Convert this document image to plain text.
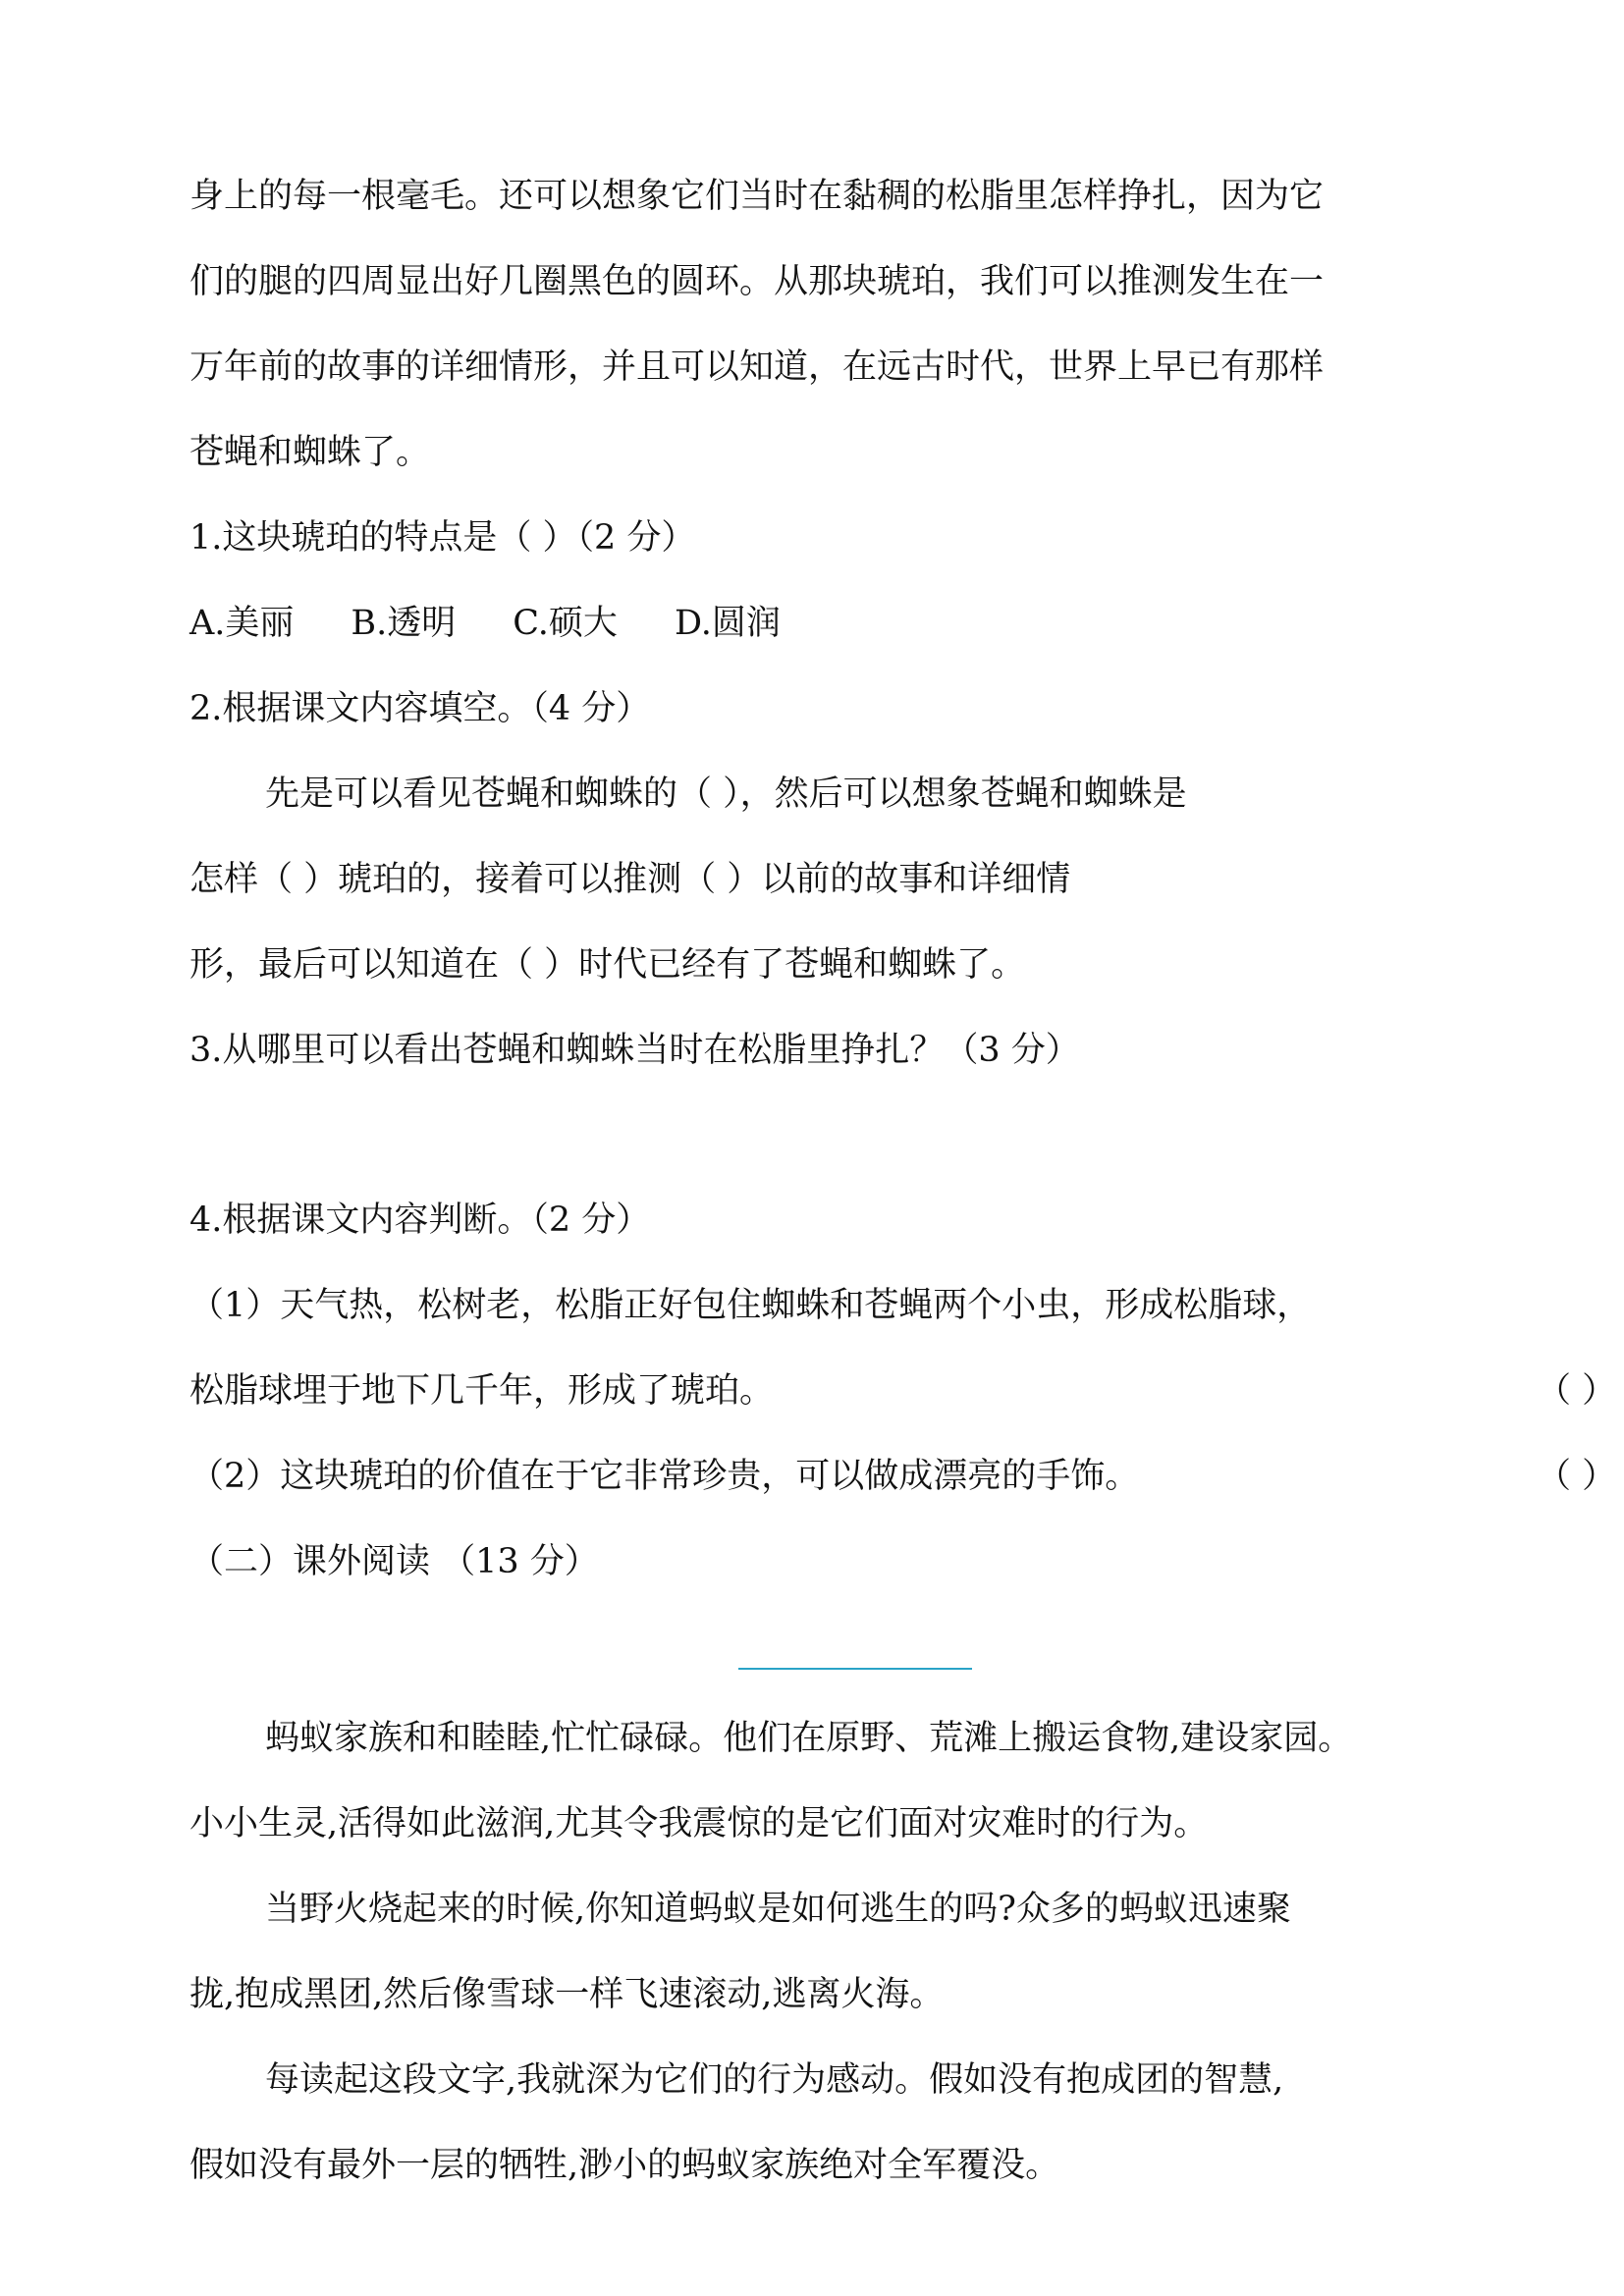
身上的每一根毫毛。还可以想象它们当时在黏稠的松脂里怎样挣扎，因为它
们的腿的四周显出好几圈黑色的圆环。从那块琥珀，我们可以推测发生在一
万年前的故事的详细情形，并且可以知道，在远古时代，世界上早已有那样
苍蝇和蜘蛛了。
1.这块琥珀的特点是（ ）（2 分）
A.美丽 B.透明 C.硕大 D.圆润
2.根据课文内容填空。（4 分）
先是可以看见苍蝇和蜘蛛的（ ），然后可以想象苍蝇和蜘蛛是
怎样（ ）琥珀的，接着可以推测（ ）以前的故事和详细情
形，最后可以知道在（ ）时代已经有了苍蝇和蜘蛛了。
3.从哪里可以看出苍蝇和蜘蛛当时在松脂里挣扎？（3 分）
4.根据课文内容判断。（2 分）
（1）天气热，松树老，松脂正好包住蜘蛛和苍蝇两个小虫，形成松脂球，
松脂球埋于地下几千年，形成了琥珀。	（ ）
（2）这块琥珀的价值在于它非常珍贵，可以做成漂亮的手饰。	（ ）
（二）课外阅读 （13 分）
蚂蚁家族和和睦睦,忙忙碌碌。他们在原野、荒滩上搬运食物,建设家园。
小小生灵,活得如此滋润,尤其令我震惊的是它们面对灾难时的行为。
当野火烧起来的时候,你知道蚂蚁是如何逃生的吗?众多的蚂蚁迅速聚
拢,抱成黑团,然后像雪球一样飞速滚动,逃离火海。
每读起这段文字,我就深为它们的行为感动。假如没有抱成团的智慧,
假如没有最外一层的牺牲,渺小的蚂蚁家族绝对全军覆没。
